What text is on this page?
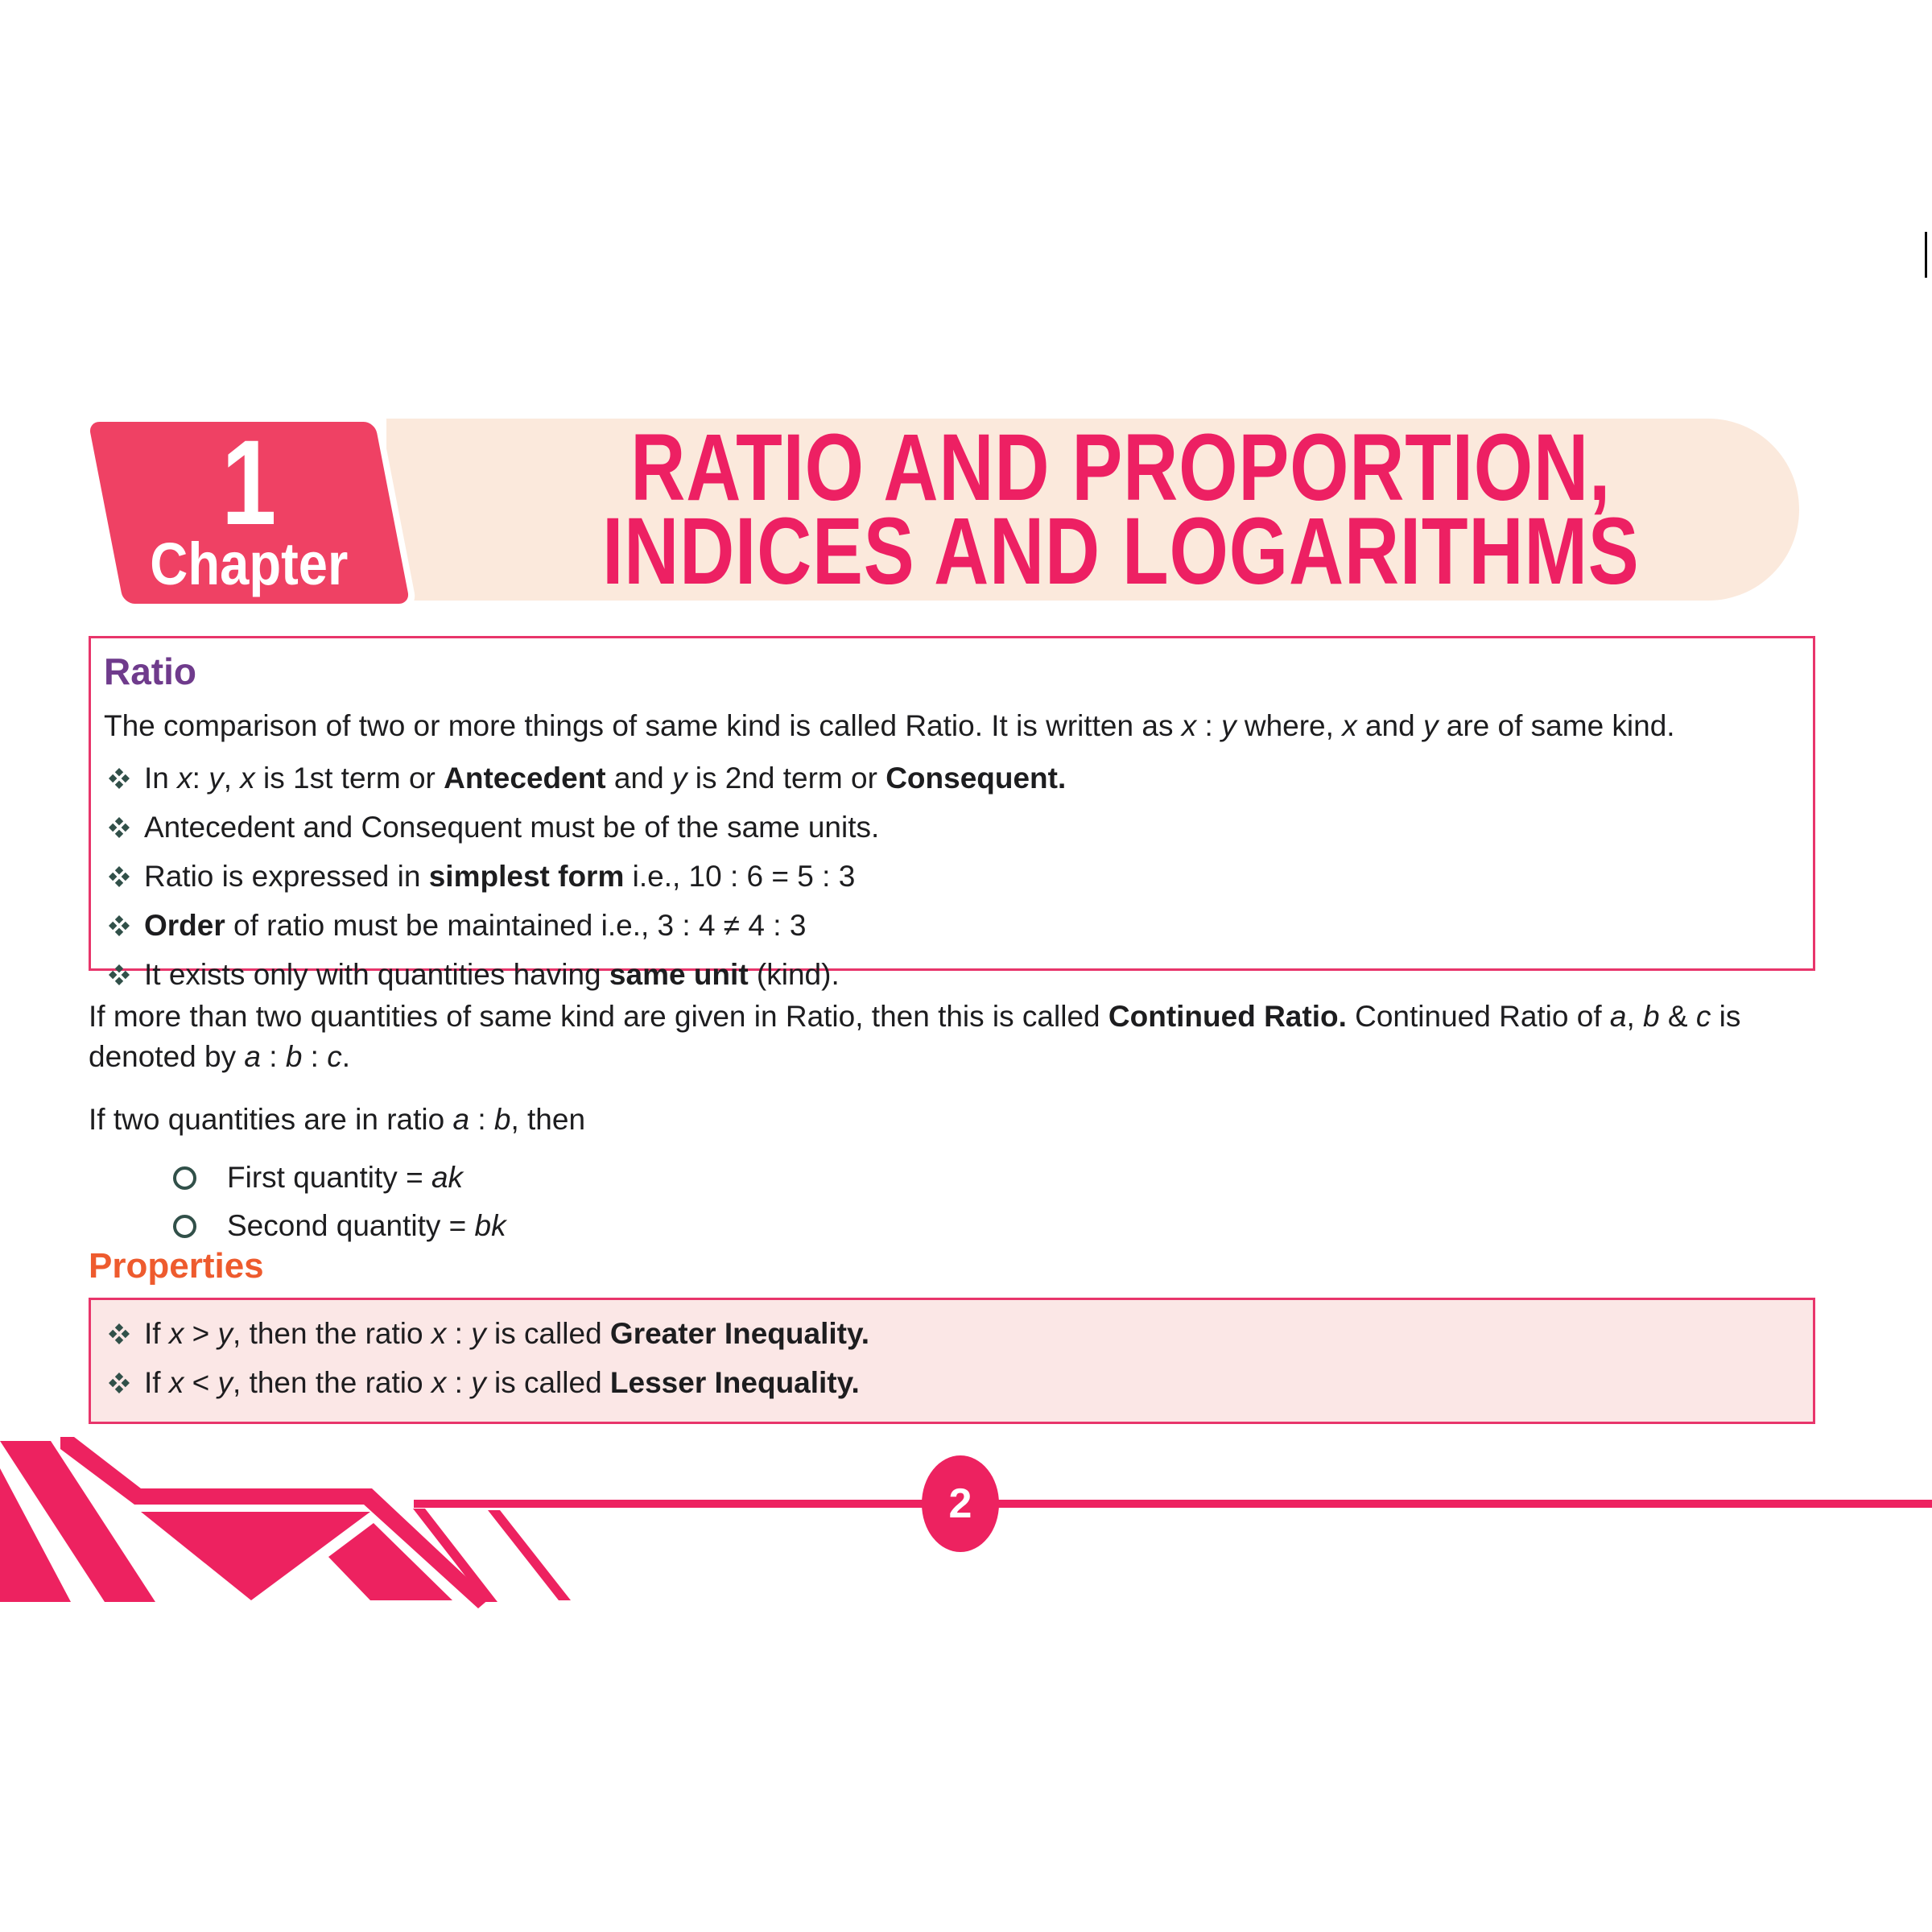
RATIO AND PROPORTION,
INDICES AND LOGARITHMS
1
Chapter
Ratio
The comparison of two or more things of same kind is called Ratio. It is written as x : y where, x and y are of same kind.
In x: y, x is 1st term or Antecedent and y is 2nd term or Consequent.
Antecedent and Consequent must be of the same units.
Ratio is expressed in simplest form i.e., 10 : 6 = 5 : 3
Order of ratio must be maintained i.e., 3 : 4 ≠ 4 : 3
It exists only with quantities having same unit (kind).
If more than two quantities of same kind are given in Ratio, then this is called Continued Ratio. Continued Ratio of a, b & c is denoted by a : b : c.
If two quantities are in ratio a : b, then
First quantity = ak
Second quantity = bk
Properties
If x > y, then the ratio x : y is called Greater Inequality.
If x < y, then the ratio x : y is called Lesser Inequality.
2
